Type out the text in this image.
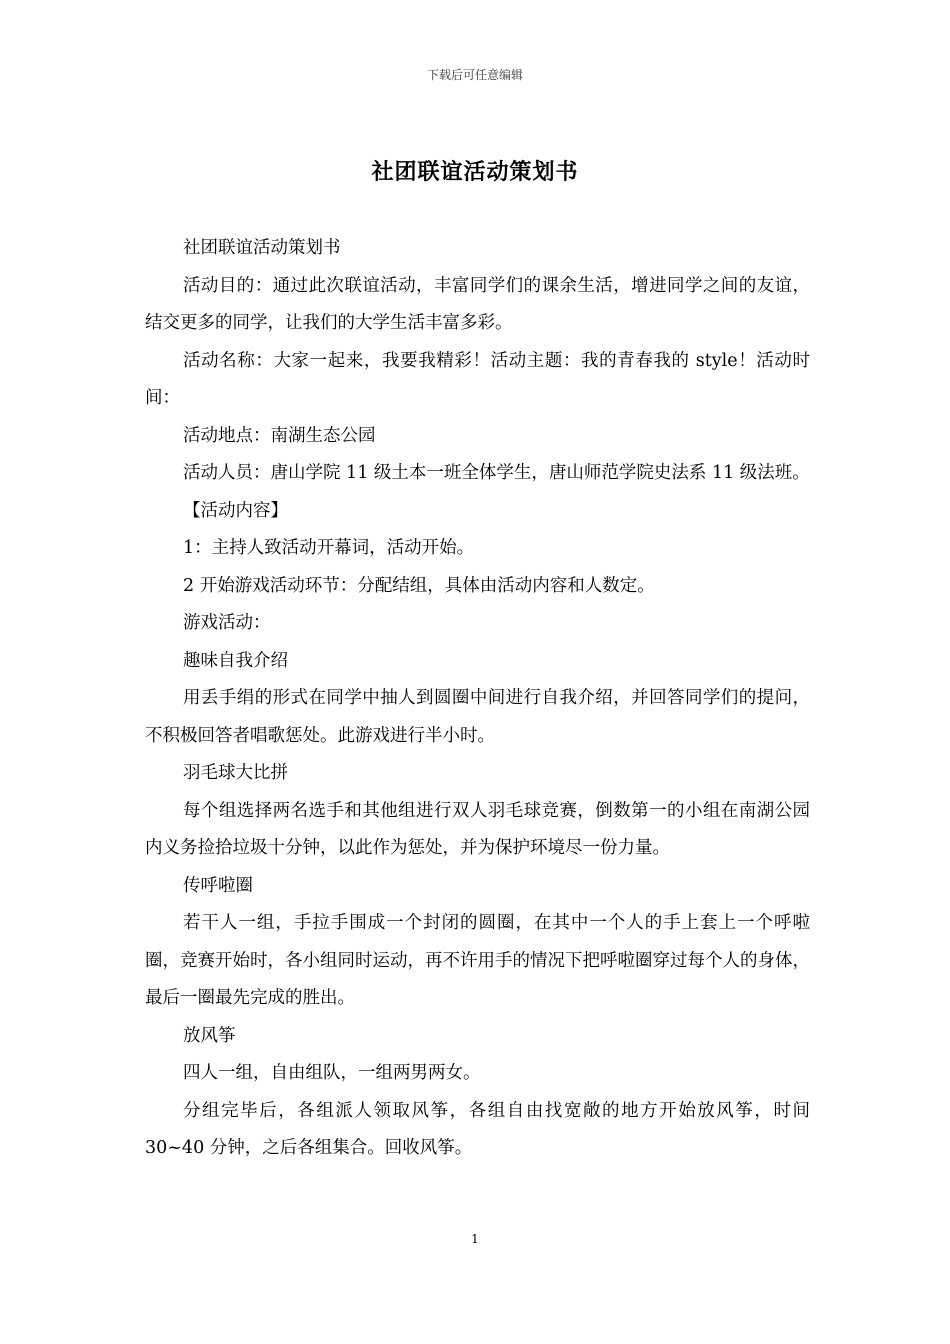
下载后可任意编辑
社团联谊活动策划书

社团联谊活动策划书

活动目的：通过此次联谊活动，丰富同学们的课余生活，增进同学之间的友谊，结交更多的同学，让我们的大学生活丰富多彩。

活动名称：大家一起来，我要我精彩！活动主题：我的青春我的 style！活动时间：

活动地点：南湖生态公园

活动人员：唐山学院 11 级土本一班全体学生，唐山师范学院史法系 11 级法班。

【活动内容】

1：主持人致活动开幕词，活动开始。

2 开始游戏活动环节：分配结组，具体由活动内容和人数定。

游戏活动：

趣味自我介绍

用丢手绢的形式在同学中抽人到圆圈中间进行自我介绍，并回答同学们的提问，不积极回答者唱歌惩处。此游戏进行半小时。

羽毛球大比拼

每个组选择两名选手和其他组进行双人羽毛球竞赛，倒数第一的小组在南湖公园内义务捡拾垃圾十分钟，以此作为惩处，并为保护环境尽一份力量。

传呼啦圈

若干人一组，手拉手围成一个封闭的圆圈，在其中一个人的手上套上一个呼啦圈，竞赛开始时，各小组同时运动，再不许用手的情况下把呼啦圈穿过每个人的身体，最后一圈最先完成的胜出。

放风筝

四人一组，自由组队，一组两男两女。

分组完毕后，各组派人领取风筝，各组自由找宽敞的地方开始放风筝，时间 30~40 分钟，之后各组集合。回收风筝。

1
